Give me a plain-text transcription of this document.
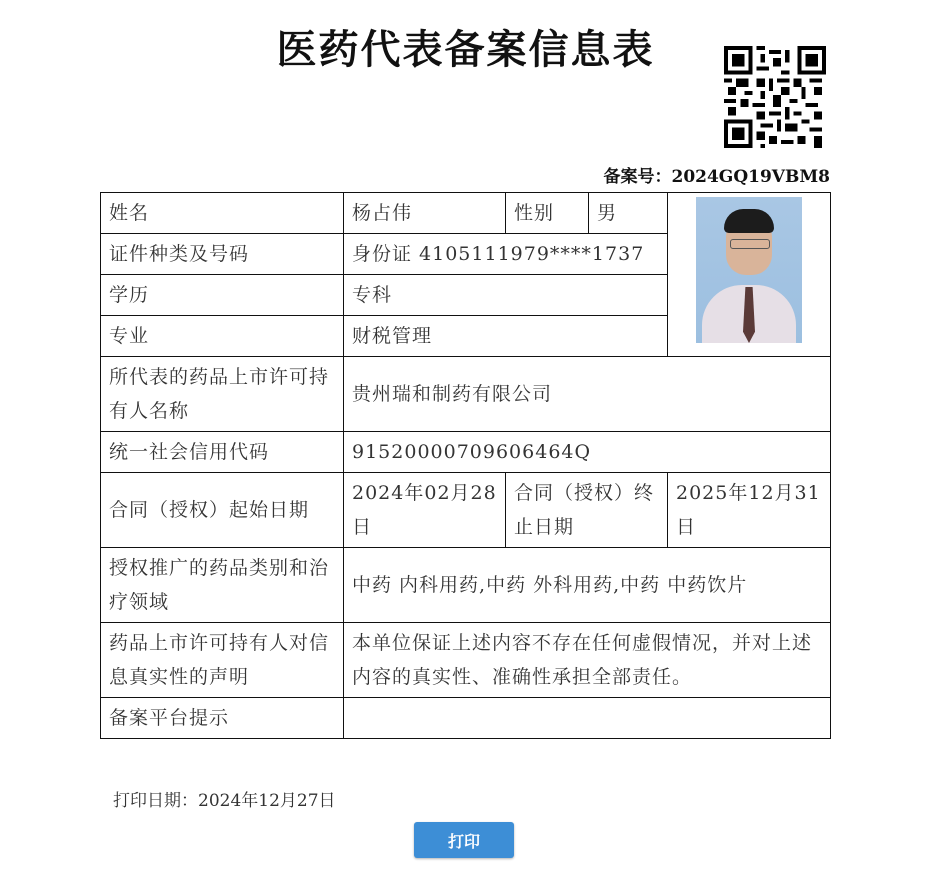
医药代表备案信息表
备案号：2024GQ19VBM8
姓名	杨占伟	性别	男	

证件种类及号码	身份证 4105111979****1737			
学历	专科			
专业	财税管理			
所代表的药品上市许可持有人名称	贵州瑞和制药有限公司			
统一社会信用代码	91520000709606464Q			
合同（授权）起始日期	2024年02月28日	合同（授权）终止日期		2025年12月31日
授权推广的药品类别和治疗领域	中药 内科用药,中药 外科用药,中药 中药饮片			
药品上市许可持有人对信息真实性的声明	本单位保证上述内容不存在任何虚假情况，并对上述内容的真实性、准确性承担全部责任。			
备案平台提示				
打印日期：2024年12月27日
打印
